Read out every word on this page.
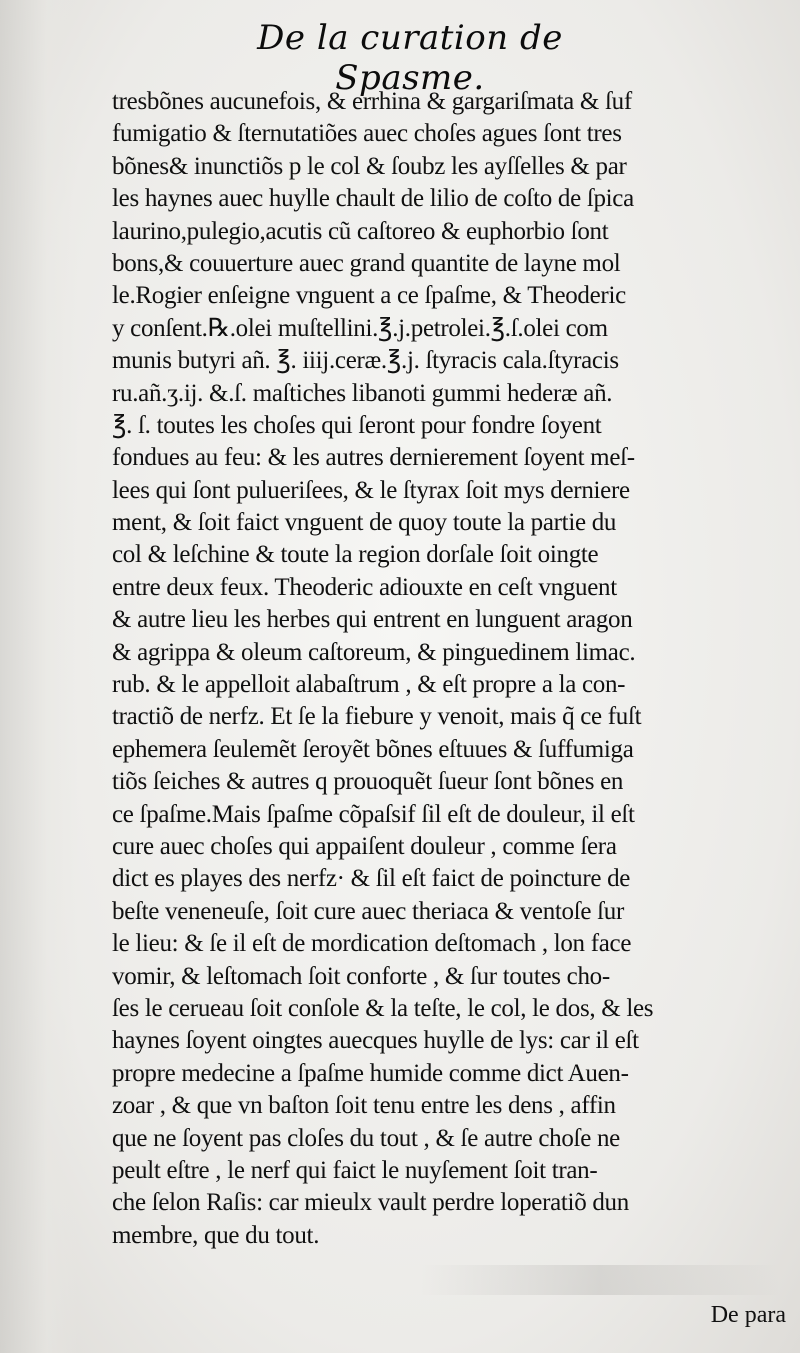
De la curation de Spasme.
tresbõnes aucunefois, & errhina & gargariſmata & ſuf
fumigatio & ſternutatiões auec choſes agues ſont tres
bõnes& inunctiõs p le col & ſoubz les ayſſelles & par
les haynes auec huylle chault de lilio de coſto de ſpica
laurino,pulegio,acutis cũ caſtoreo & euphorbio ſont
bons,& couuerture auec grand quantite de layne mol
le.Rogier enſeigne vnguent a ce ſpaſme, & Theoderic
y conſent.℞.olei muſtellini.℥.j.petrolei.℥.ſ.olei com
munis butyri añ. ℥. iiij.ceræ.℥.j. ſtyracis cala.ſtyracis
ru.añ.ʒ.ij. &.ſ. maſtiches libanoti gummi hederæ añ.
℥. ſ. toutes les choſes qui ſeront pour fondre ſoyent
fondues au feu: & les autres dernierement ſoyent meſ-
lees qui ſont pulueriſees, & le ſtyrax ſoit mys derniere
ment, & ſoit faict vnguent de quoy toute la partie du
col & leſchine & toute la region dorſale ſoit oingte
entre deux feux. Theoderic adiouxte en ceſt vnguent
& autre lieu les herbes qui entrent en lunguent aragon
& agrippa & oleum caſtoreum, & pinguedinem limac.
rub. & le appelloit alabaſtrum , & eſt propre a la con-
tractiõ de nerfz. Et ſe la fiebure y venoit, mais q̃ ce fuſt
ephemera ſeulemẽt ſeroyẽt bõnes eſtuues & ſuffumiga
tiõs ſeiches & autres q prouoquẽt ſueur ſont bõnes en
ce ſpaſme.Mais ſpaſme cõpaſsif ſil eſt de douleur, il eſt
cure auec choſes qui appaiſent douleur , comme ſera
dict es playes des nerfz· & ſil eſt faict de poincture de
beſte veneneuſe, ſoit cure auec theriaca & ventoſe ſur
le lieu: & ſe il eſt de mordication deſtomach , lon face
vomir, & leſtomach ſoit conforte , & ſur toutes cho-
ſes le cerueau ſoit conſole & la teſte, le col, le dos, & les
haynes ſoyent oingtes auecques huylle de lys: car il eſt
propre medecine a ſpaſme humide comme dict Auen-
zoar , & que vn baſton ſoit tenu entre les dens , affin
que ne ſoyent pas cloſes du tout , & ſe autre choſe ne
peult eſtre , le nerf qui faict le nuyſement ſoit tran-
che ſelon Raſis: car mieulx vault perdre loperatiõ dun
membre, que du tout.
De para
